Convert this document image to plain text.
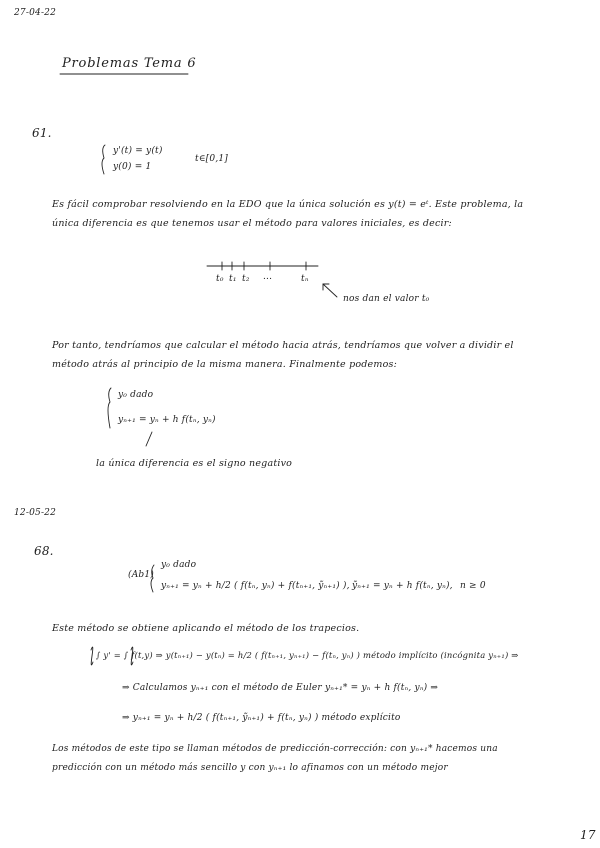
27-04-22
Problemas Tema 6
61.
y'(t) = y(t)
y(0) = 1
t∈[0,1]
Es fácil comprobar resolviendo en la EDO que la única solución es y(t) = eᵗ. Este problema, la única diferencia es que tenemos usar el método para valores iniciales, es decir:
t₀ t₁ t₂ ...	tₙ
nos dan el valor t₀
Por tanto, tendríamos que calcular el método hacia atrás, tendríamos que volver a dividir el método atrás al principio de la misma manera. Finalmente podemos:
y₀ dado
yₙ₊₁ = yₙ + h f(tₙ, yₙ)
la única diferencia es el signo negativo
12-05-22
68.
(Ab1)
y₀ dado
yₙ₊₁ = yₙ + h/2 ( f(tₙ, yₙ) + f(tₙ₊₁, ỹₙ₊₁) ), ỹₙ₊₁ = yₙ + h f(tₙ, yₙ), n ≥ 0
Este método se obtiene aplicando el método de los trapecios.
∫ y' = ∫ f(t,y) ⇒ y(tₙ₊₁) − y(tₙ) = h/2 ( f(tₙ₊₁, yₙ₊₁) − f(tₙ, yₙ) ) método implícito (incógnita yₙ₊₁) ⇒
⇒ Calculamos yₙ₊₁ con el método de Euler yₙ₊₁* = yₙ + h f(tₙ, yₙ) ⇒
⇒ yₙ₊₁ = yₙ + h/2 ( f(tₙ₊₁, ỹₙ₊₁) + f(tₙ, yₙ) ) método explícito
Los métodos de este tipo se llaman métodos de predicción-corrección: con yₙ₊₁* hacemos una predicción con un método más sencillo y con yₙ₊₁ lo afinamos con un método mejor
17
